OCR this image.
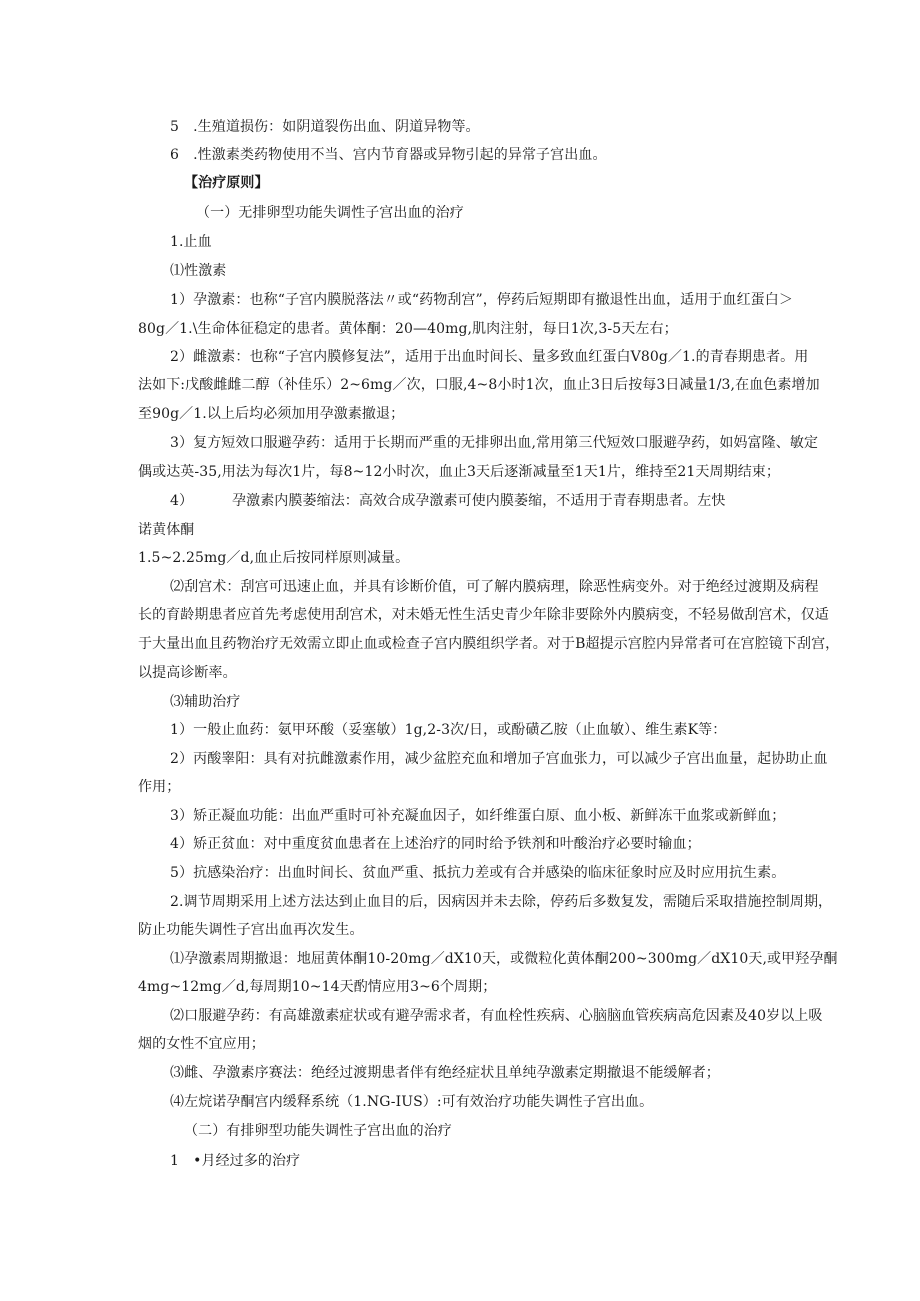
5　.生殖道损伤：如阴道裂伤出血、阴道异物等。
6　.性激素类药物使用不当、宫内节育器或异物引起的异常子宫出血。
【治疗原则】
（一）无排卵型功能失调性子宫出血的治疗
1.止血
⑴性激素
1）孕激素：也称“子宫内膜脱落法〃或“药物刮宫”，停药后短期即有撤退性出血，适用于血红蛋白＞
80g／1.\生命体征稳定的患者。黄体酮：20—40mg,肌肉注射，每日1次,3-5天左右；
2）雌激素：也称“子宫内膜修复法”，适用于出血时间长、量多致血红蛋白V80g／1.的青春期患者。用
法如下:戊酸雌雌二醇（补佳乐）2~6mg／次，口服,4~8小时1次，血止3日后按每3日减量1/3,在血色素增加
至90g／1.以上后均必须加用孕激素撤退；
3）复方短效口服避孕药：适用于长期而严重的无排卵出血,常用第三代短效口服避孕药，如妈富隆、敏定
偶或达英-35,用法为每次1片，每8~12小时次，血止3天后逐渐减量至1天1片，维持至21天周期结束；
4）	孕激素内膜萎缩法：高效合成孕激素可使内膜萎缩，不适用于青春期患者。左快
诺黄体酮
1.5~2.25mg／d,血止后按同样原则减量。
⑵刮宫术：刮宫可迅速止血，并具有诊断价值，可了解内膜病理，除恶性病变外。对于绝经过渡期及病程
长的育龄期患者应首先考虑使用刮宫术，对未婚无性生活史青少年除非要除外内膜病变，不轻易做刮宫术，仅适
于大量出血且药物治疗无效需立即止血或检查子宫内膜组织学者。对于B超提示宫腔内异常者可在宫腔镜下刮宫，
以提高诊断率。
⑶辅助治疗
1）一般止血药：氨甲环酸（妥塞敏）1g,2-3次/日，或酚磺乙胺（止血敏）、维生素K等：
2）丙酸睾阳：具有对抗雌激素作用，减少盆腔充血和增加子宫血张力，可以减少子宫出血量，起协助止血
作用；
3）矫正凝血功能：出血严重时可补充凝血因子，如纤维蛋白原、血小板、新鲜冻干血浆或新鲜血；
4）矫正贫血：对中重度贫血患者在上述治疗的同时给予铁剂和叶酸治疗必要时输血；
5）抗感染治疗：出血时间长、贫血严重、抵抗力差或有合并感染的临床征象时应及时应用抗生素。
2.调节周期采用上述方法达到止血目的后，因病因并未去除，停药后多数复发，需随后采取措施控制周期，
防止功能失调性子宫出血再次发生。
⑴孕激素周期撤退：地屈黄体酮10-20mg／dX10天，或微粒化黄体酮200~300mg／dX10天,或甲羟孕酮
4mg~12mg／d,每周期10~14天酌情应用3~6个周期；
⑵口服避孕药：有高雄激素症状或有避孕需求者，有血栓性疾病、心脑脑血管疾病高危因素及40岁以上吸
烟的女性不宜应用；
⑶雌、孕激素序赛法：绝经过渡期患者伴有绝经症状且单纯孕激素定期撤退不能缓解者；
⑷左烷诺孕酮宫内缓释系统（1.NG-IUS）:可有效治疗功能失调性子宫出血。
（二）有排卵型功能失调性子宫出血的治疗
1　•月经过多的治疗
